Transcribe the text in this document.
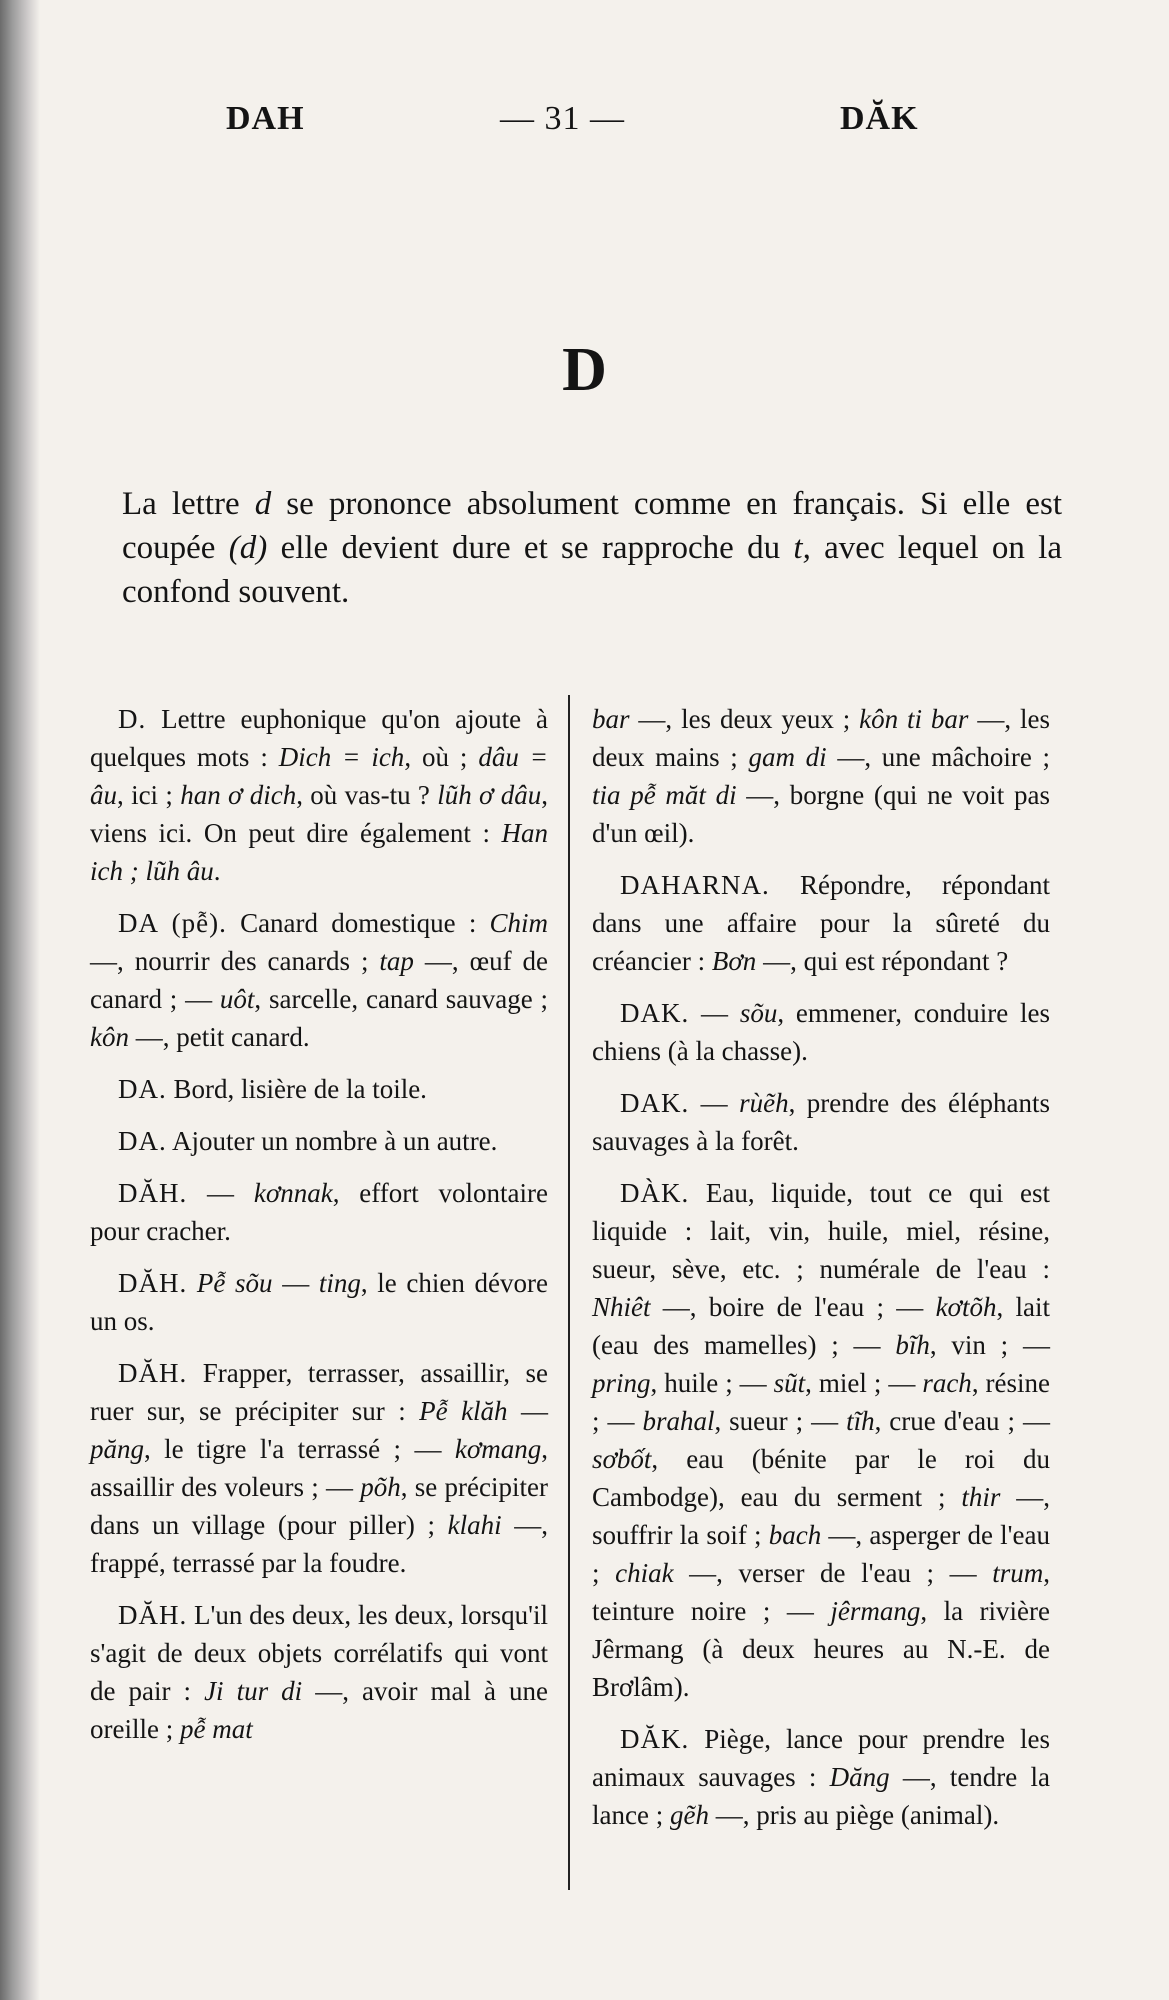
DAH	— 31 —	DĂK
D
La lettre d se prononce absolument comme en français. Si elle est coupée (d) elle devient dure et se rapproche du t, avec lequel on la confond souvent.

D. Lettre euphonique qu'on ajoute à quelques mots : Dich = ich, où ; dâu = âu, ici ; han ơ dich, où vas-tu ? lũh ơ dâu, viens ici. On peut dire également : Han ich ; lũh âu.

DA (pễ). Canard domestique : Chim —, nourrir des canards ; tap —, œuf de canard ; — uôt, sarcelle, canard sauvage ; kôn —, petit canard.

DA. Bord, lisière de la toile.

DA. Ajouter un nombre à un autre.

DĂH. — kơnnak, effort volontaire pour cracher.

DĂH. Pễ sõu — ting, le chien dévore un os.

DĂH. Frapper, terrasser, assaillir, se ruer sur, se précipiter sur : Pễ klăh — păng, le tigre l'a terrassé ; — kơmang, assaillir des voleurs ; — põh, se précipiter dans un village (pour piller) ; klahi —, frappé, terrassé par la foudre.

DĂH. L'un des deux, les deux, lorsqu'il s'agit de deux objets corrélatifs qui vont de pair : Ji tur di —, avoir mal à une oreille ; pễ mat

bar —, les deux yeux ; kôn ti bar —, les deux mains ; gam di —, une mâchoire ; tia pễ măt di —, borgne (qui ne voit pas d'un œil).

DAHARNA. Répondre, répondant dans une affaire pour la sûreté du créancier : Bơn —, qui est répondant ?

DAK. — sõu, emmener, conduire les chiens (à la chasse).

DAK. — rùẽh, prendre des éléphants sauvages à la forêt.

DÀK. Eau, liquide, tout ce qui est liquide : lait, vin, huile, miel, résine, sueur, sève, etc. ; numérale de l'eau : Nhiêt —, boire de l'eau ; — kơtõh, lait (eau des mamelles) ; — bĩh, vin ; — pring, huile ; — sũt, miel ; — rach, résine ; — brahal, sueur ; — tĩh, crue d'eau ; — sơbốt, eau (bénite par le roi du Cambodge), eau du serment ; thir —, souffrir la soif ; bach —, asperger de l'eau ; chiak —, verser de l'eau ; — trum, teinture noire ; — jêrmang, la rivière Jêrmang (à deux heures au N.-E. de Brơlâm).

DĂK. Piège, lance pour prendre les animaux sauvages : Dăng —, tendre la lance ; gẽh —, pris au piège (animal).
